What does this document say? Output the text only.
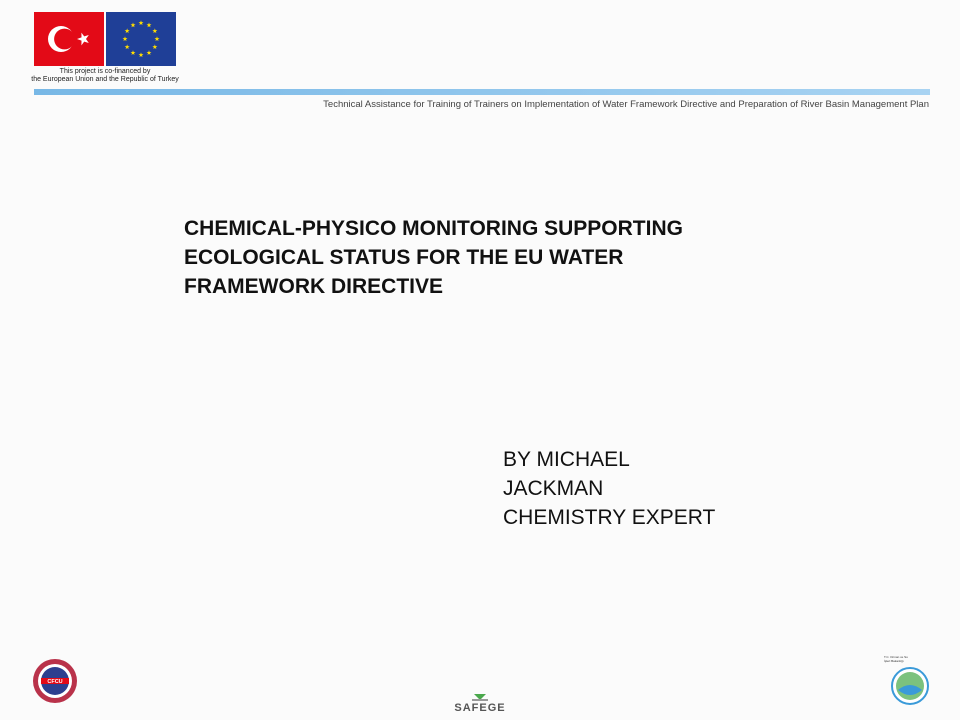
This project is co-financed by
the European Union and the Republic of Turkey
Technical Assistance for Training of Trainers on Implementation of Water Framework Directive and Preparation of River Basin Management Plan
CHEMICAL-PHYSICO MONITORING SUPPORTING
ECOLOGICAL STATUS FOR THE EU WATER
FRAMEWORK DIRECTIVE
BY MICHAEL
JACKMAN
CHEMISTRY EXPERT
CFCU
SAFEGE
T.C. Orman ve Su İşleri Bakanlığı
